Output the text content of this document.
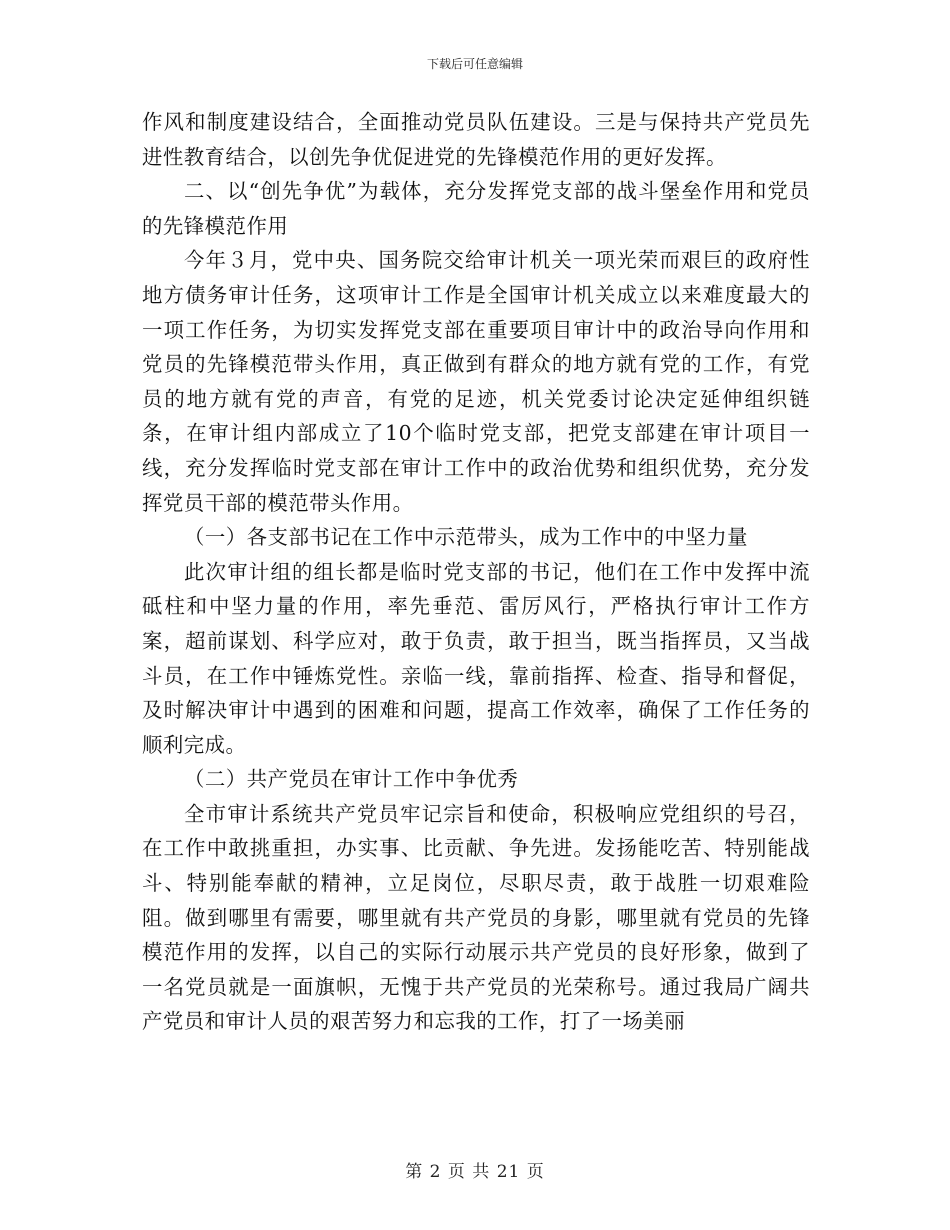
下载后可任意编辑

作风和制度建设结合，全面推动党员队伍建设。三是与保持共产党员先进性教育结合，以创先争优促进党的先锋模范作用的更好发挥。

二、以“创先争优”为载体，充分发挥党支部的战斗堡垒作用和党员的先锋模范作用

今年３月，党中央、国务院交给审计机关一项光荣而艰巨的政府性地方债务审计任务，这项审计工作是全国审计机关成立以来难度最大的一项工作任务，为切实发挥党支部在重要项目审计中的政治导向作用和党员的先锋模范带头作用，真正做到有群众的地方就有党的工作，有党员的地方就有党的声音，有党的足迹，机关党委讨论决定延伸组织链条，在审计组内部成立了10个临时党支部，把党支部建在审计项目一线，充分发挥临时党支部在审计工作中的政治优势和组织优势，充分发挥党员干部的模范带头作用。

（一）各支部书记在工作中示范带头，成为工作中的中坚力量

此次审计组的组长都是临时党支部的书记，他们在工作中发挥中流砥柱和中坚力量的作用，率先垂范、雷厉风行，严格执行审计工作方案，超前谋划、科学应对，敢于负责，敢于担当，既当指挥员，又当战斗员，在工作中锤炼党性。亲临一线，靠前指挥、检查、指导和督促，及时解决审计中遇到的困难和问题，提高工作效率，确保了工作任务的顺利完成。

（二）共产党员在审计工作中争优秀

全市审计系统共产党员牢记宗旨和使命，积极响应党组织的号召，在工作中敢挑重担，办实事、比贡献、争先进。发扬能吃苦、特别能战斗、特别能奉献的精神，立足岗位，尽职尽责，敢于战胜一切艰难险阻。做到哪里有需要，哪里就有共产党员的身影，哪里就有党员的先锋模范作用的发挥，以自己的实际行动展示共产党员的良好形象，做到了一名党员就是一面旗帜，无愧于共产党员的光荣称号。通过我局广阔共产党员和审计人员的艰苦努力和忘我的工作，打了一场美丽

第 2 页 共 21 页
